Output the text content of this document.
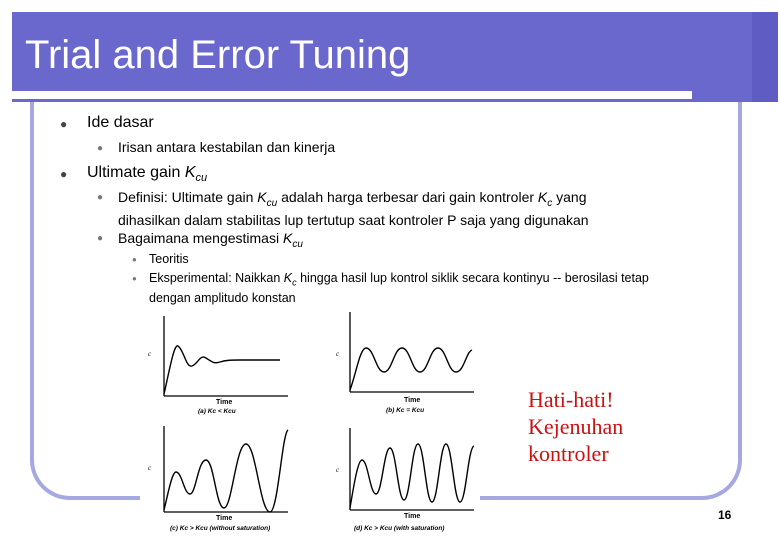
Trial and Error Tuning
● Ide dasar
● Irisan antara kestabilan dan kinerja
● Ultimate gain $K_{cu}$
● Definisi: Ultimate gain $K_{cu}$ adalah harga terbesar dari gain kontroler $K_c$ yang
dihasilkan dalam stabilitas lup tertutup saat kontroler P saja yang digunakan
● Bagaimana mengestimasi $K_{cu}$
● Teoritis
● Eksperimental: Naikkan $K_c$ hingga hasil lup kontrol siklik secara kontinyu -- berosilasi tetap
dengan amplitudo konstan
c
Time
(a) Kc < Kcu
c
Time
(b) Kc = Kcu
c
Time
(c) Kc > Kcu (without saturation)
c
Time
(d) Kc > Kcu (with saturation)
Hati-hati!
Kejenuhan
kontroler
16
